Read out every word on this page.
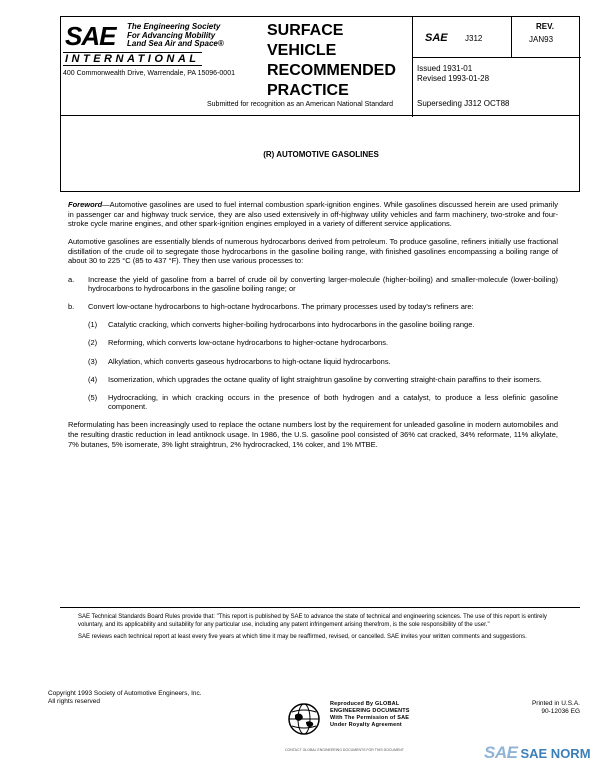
SAE The Engineering Society
For Advancing Mobility
Land Sea Air and Space®
INTERNATIONAL
400 Commonwealth Drive, Warrendale, PA 15096-0001
SURFACE
VEHICLE
RECOMMENDED
PRACTICE
Submitted for recognition as an American National Standard
SAE J312
REV.
JAN93
Issued 1931-01
Revised 1993-01-28
Superseding J312 OCT88
(R) AUTOMOTIVE GASOLINES

Foreword—Automotive gasolines are used to fuel internal combustion spark-ignition engines. While gasolines discussed herein are used primarily in passenger car and highway truck service, they are also used extensively in off-highway utility vehicles and farm machinery, two-stroke and four-stroke cycle marine engines, and other spark-ignition engines employed in a variety of different service applications.

Automotive gasolines are essentially blends of numerous hydrocarbons derived from petroleum. To produce gasoline, refiners initially use fractional distillation of the crude oil to segregate those hydrocarbons in the gasoline boiling range, with finished gasolines encompassing a boiling range of about 30 to 225 °C (85 to 437 °F). They then use various processes to:

a.	Increase the yield of gasoline from a barrel of crude oil by converting larger-molecule (higher-boiling) and smaller-molecule (lower-boiling) hydrocarbons to hydrocarbons in the gasoline boiling range; or
b.	Convert low-octane hydrocarbons to high-octane hydrocarbons. The primary processes used by today's refiners are:
(1)	Catalytic cracking, which converts higher-boiling hydrocarbons into hydrocarbons in the gasoline boiling range.
(2)	Reforming, which converts low-octane hydrocarbons to higher-octane hydrocarbons.
(3)	Alkylation, which converts gaseous hydrocarbons to high-octane liquid hydrocarbons.
(4)	Isomerization, which upgrades the octane quality of light straightrun gasoline by converting straight-chain paraffins to their isomers.
(5)	Hydrocracking, in which cracking occurs in the presence of both hydrogen and a catalyst, to produce a less olefinic gasoline component.

Reformulating has been increasingly used to replace the octane numbers lost by the requirement for unleaded gasoline in modern automobiles and the resulting drastic reduction in lead antiknock usage. In 1986, the U.S. gasoline pool consisted of 36% cat cracked, 34% reformate, 11% alkylate, 7% butanes, 5% isomerate, 3% light straightrun, 2% hydrocracked, 1% coker, and 1% MTBE.

SAE Technical Standards Board Rules provide that: "This report is published by SAE to advance the state of technical and engineering sciences. The use of this report is entirely voluntary, and its applicability and suitability for any particular use, including any patent infringement arising therefrom, is the sole responsibility of the user."

SAE reviews each technical report at least every five years at which time it may be reaffirmed, revised, or cancelled. SAE invites your written comments and suggestions.

Copyright 1993 Society of Automotive Engineers, Inc.
All rights reserved	Reproduced By GLOBAL
ENGINEERING DOCUMENTS
With The Permission of SAE
Under Royalty Agreement
CONTACT GLOBAL ENGINEERING DOCUMENTS FOR THIS DOCUMENT
Printed in U.S.A.
90-12036 EG
SAE SAE NORM
